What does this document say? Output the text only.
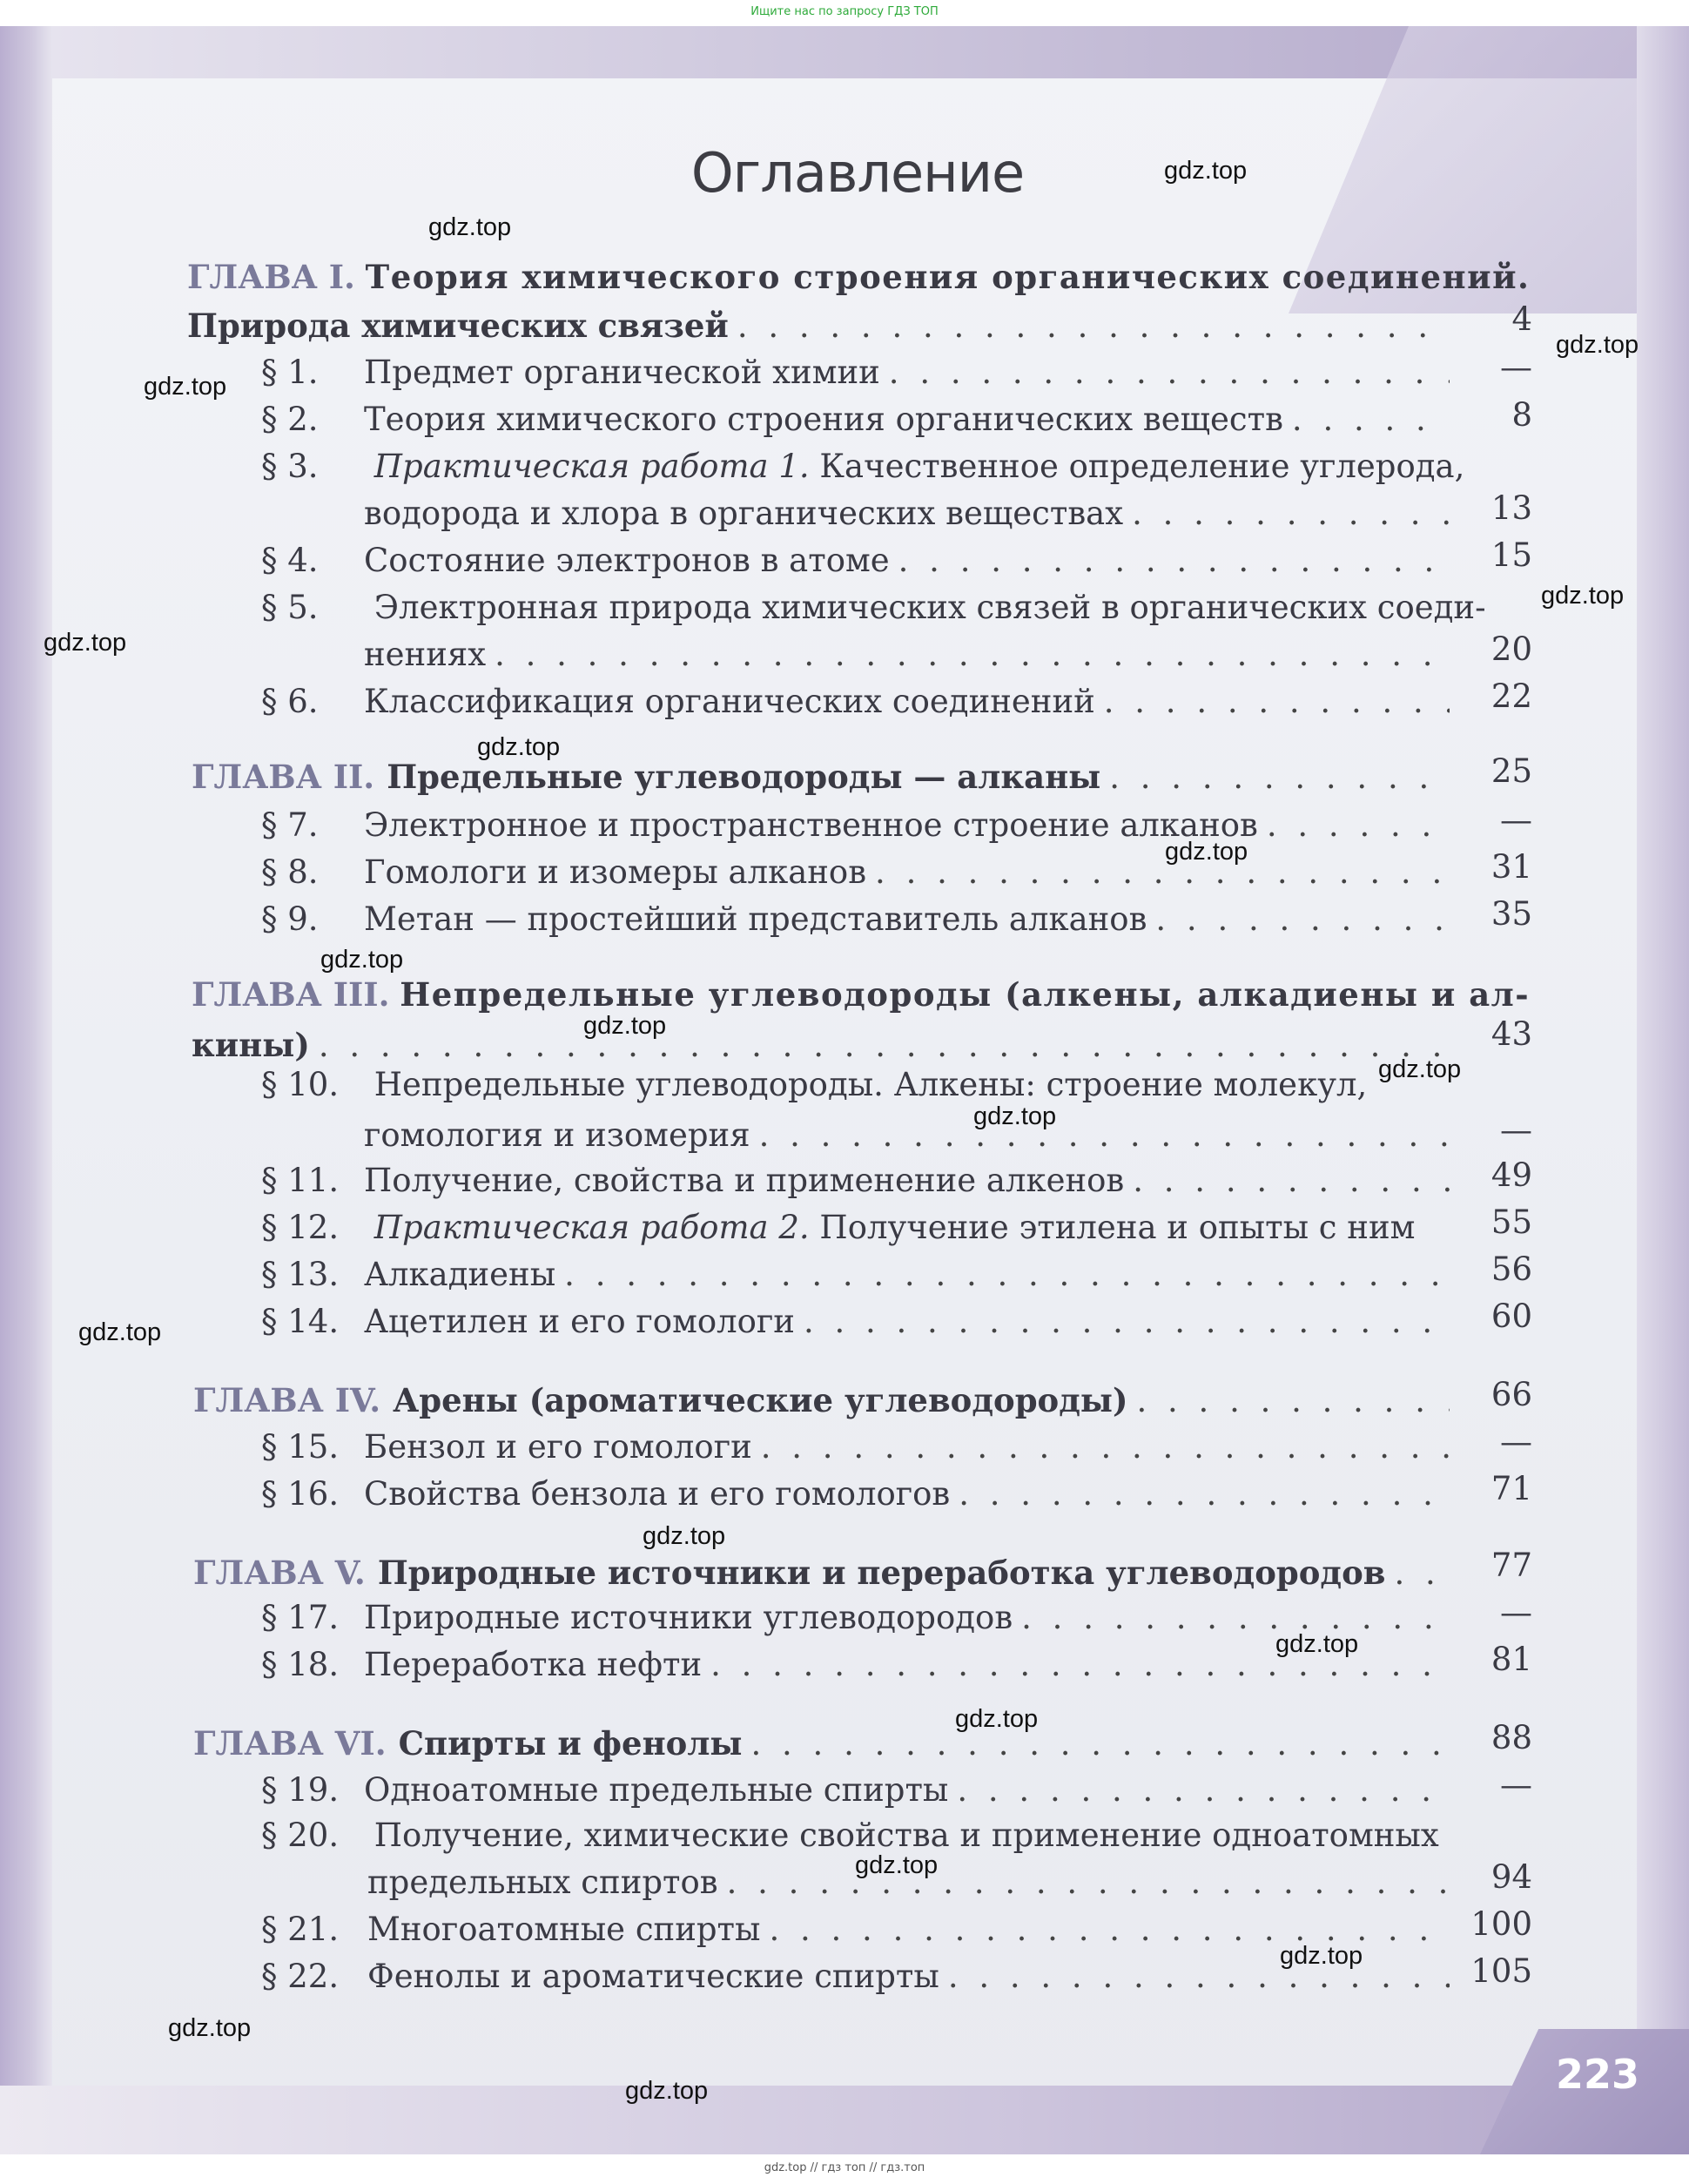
Ищите нас по запросу ГДЗ ТОП
223
Оглавление
ГЛАВА I. Теория химического строения органических соединений.
Природа химических связей . . .	4
§ 1.	Предмет органической химии . . .	—
§ 2.	Теория химического строения органических веществ . . .	8
§ 3. Практическая работа 1. Качественное определение углерода,
водорода и хлора в органических веществах . . .	13
§ 4.	Состояние электронов в атоме . . .	15
§ 5. Электронная природа химических связей в органических соеди-
нениях . . .	20
§ 6.	Классификация органических соединений . . .	22
ГЛАВА II. Предельные углеводороды — алканы . . .	25
§ 7.	Электронное и пространственное строение алканов . . .	—
§ 8.	Гомологи и изомеры алканов . . .	31
§ 9.	Метан — простейший представитель алканов . . .	35
ГЛАВА III. Непредельные углеводороды (алкены, алкадиены и ал-
кины) . . .	43
§ 10. Непредельные углеводороды. Алкены: строение молекул,
гомология и изомерия . . .	—
§ 11. Получение, свойства и применение алкенов . . .	49
§ 12. Практическая работа 2. Получение этилена и опыты с ним	55
§ 13. Алкадиены . . .	56
§ 14. Ацетилен и его гомологи . . .	60
ГЛАВА IV. Арены (ароматические углеводороды) . . .	66
§ 15. Бензол и его гомологи . . .	—
§ 16. Свойства бензола и его гомологов . . .	71
ГЛАВА V. Природные источники и переработка углеводородов . . .	77
§ 17. Природные источники углеводородов . . .	—
§ 18. Переработка нефти . . .	81
ГЛАВА VI. Спирты и фенолы . . .	88
§ 19. Одноатомные предельные спирты . . .	—
§ 20. Получение, химические свойства и применение одноатомных
предельных спиртов . . .	94
§ 21. Многоатомные спирты . . .	100
§ 22. Фенолы и ароматические спирты . . .	105
gdz.top
gdz.top
gdz.top
gdz.top
gdz.top
gdz.top
gdz.top
gdz.top
gdz.top
gdz.top
gdz.top
gdz.top
gdz.top
gdz.top
gdz.top
gdz.top
gdz.top
gdz.top
gdz.top
gdz.top
gdz.top // гдз топ // гдз.топ
